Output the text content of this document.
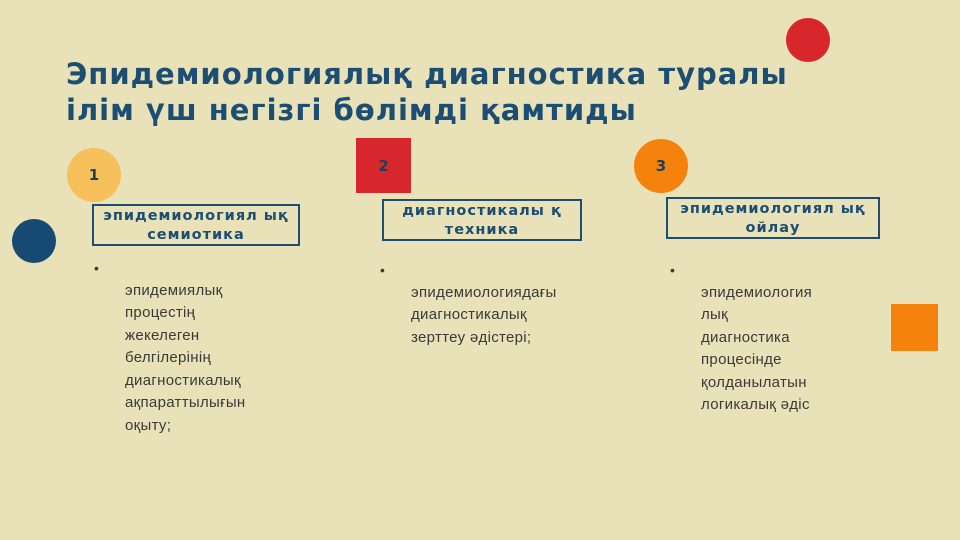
Эпидемиологиялық диагностика туралы ілім үш негізгі бөлімді қамтиды
1
эпидемиологиял ық семиотика

•
эпидемиялық
процестің
жекелеген
белгілерінің
диагностикалық
ақпараттылығын
оқыту;

2
диагностикалы қ техника

•
эпидемиологиядағы
диагностикалық
зерттеу әдістері;

3
эпидемиологиял ық ойлау

•
эпидемиология
лық
диагностика
процесінде
қолданылатын
логикалық әдіс
